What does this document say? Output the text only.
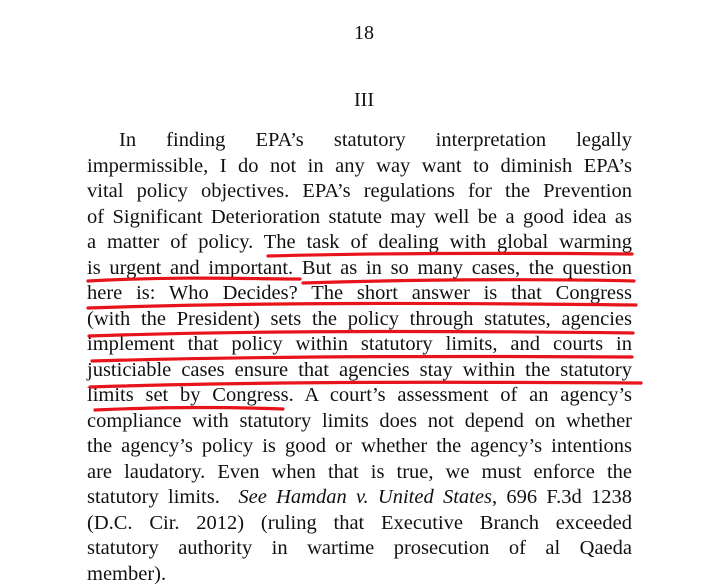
18
III
In finding EPA’s statutory interpretation legally
impermissible, I do not in any way want to diminish EPA’s
vital policy objectives. EPA’s regulations for the Prevention
of Significant Deterioration statute may well be a good idea as
a matter of policy. The task of dealing with global warming
is urgent and important. But as in so many cases, the question
here is: Who Decides? The short answer is that Congress
(with the President) sets the policy through statutes, agencies
implement that policy within statutory limits, and courts in
justiciable cases ensure that agencies stay within the statutory
limits set by Congress. A court’s assessment of an agency’s
compliance with statutory limits does not depend on whether
the agency’s policy is good or whether the agency’s intentions
are laudatory. Even when that is true, we must enforce the
statutory limits. See Hamdan v. United States, 696 F.3d 1238
(D.C. Cir. 2012) (ruling that Executive Branch exceeded
statutory authority in wartime prosecution of al Qaeda
member).
